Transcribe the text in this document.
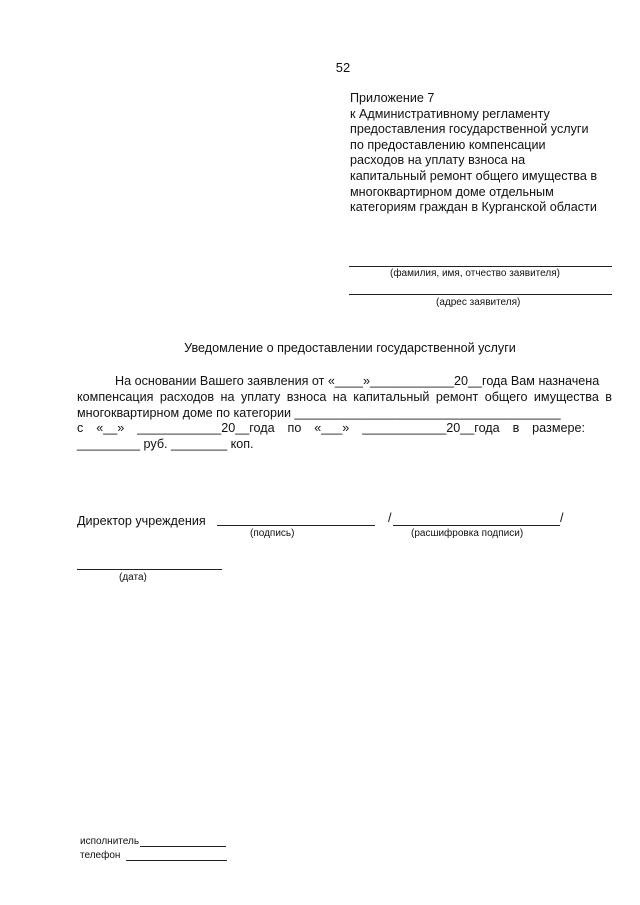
52
Приложение 7
к Административному регламенту
предоставления государственной услуги
по предоставлению компенсации
расходов на уплату взноса на
капитальный ремонт общего имущества в
многоквартирном доме отдельным
категориям граждан в Курганской области
(фамилия, имя, отчество заявителя)
(адрес заявителя)
Уведомление о предоставлении государственной услуги
На основании Вашего заявления от «____»____________20__года Вам назначена
компенсация расходов на уплату взноса на капитальный ремонт общего имущества в
многоквартирном доме по категории ______________________________________
с «__» ____________20__года по «___» ____________20__года в размере:
_________ руб. ________ коп.
Директор учреждения
(подпись)
/	/
(расшифровка подписи)
(дата)
исполнитель
телефон
